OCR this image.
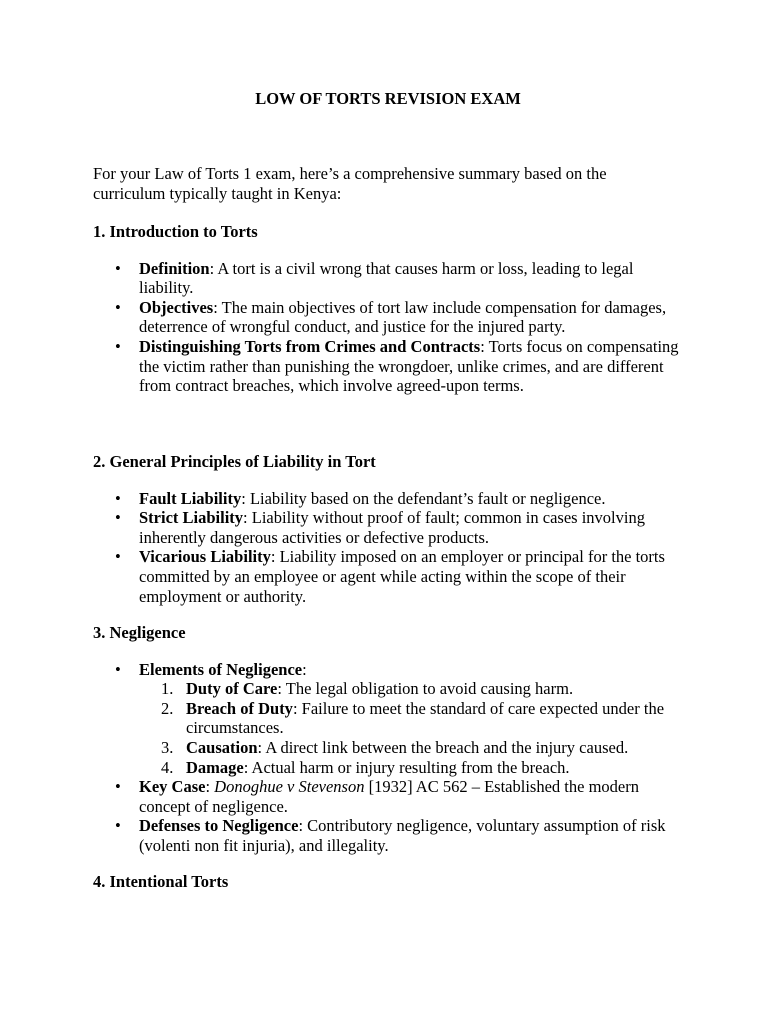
LOW OF TORTS REVISION EXAM
For your Law of Torts 1 exam, here’s a comprehensive summary based on the curriculum typically taught in Kenya:
1. Introduction to Torts
• Definition: A tort is a civil wrong that causes harm or loss, leading to legal liability.
• Objectives: The main objectives of tort law include compensation for damages, deterrence of wrongful conduct, and justice for the injured party.
• Distinguishing Torts from Crimes and Contracts: Torts focus on compensating the victim rather than punishing the wrongdoer, unlike crimes, and are different from contract breaches, which involve agreed-upon terms.
2. General Principles of Liability in Tort
• Fault Liability: Liability based on the defendant’s fault or negligence.
• Strict Liability: Liability without proof of fault; common in cases involving inherently dangerous activities or defective products.
• Vicarious Liability: Liability imposed on an employer or principal for the torts committed by an employee or agent while acting within the scope of their employment or authority.
3. Negligence
• Elements of Negligence:
1. Duty of Care: The legal obligation to avoid causing harm.
2. Breach of Duty: Failure to meet the standard of care expected under the circumstances.
3. Causation: A direct link between the breach and the injury caused.
4. Damage: Actual harm or injury resulting from the breach.
• Key Case: Donoghue v Stevenson [1932] AC 562 – Established the modern concept of negligence.
• Defenses to Negligence: Contributory negligence, voluntary assumption of risk (volenti non fit injuria), and illegality.
4. Intentional Torts
